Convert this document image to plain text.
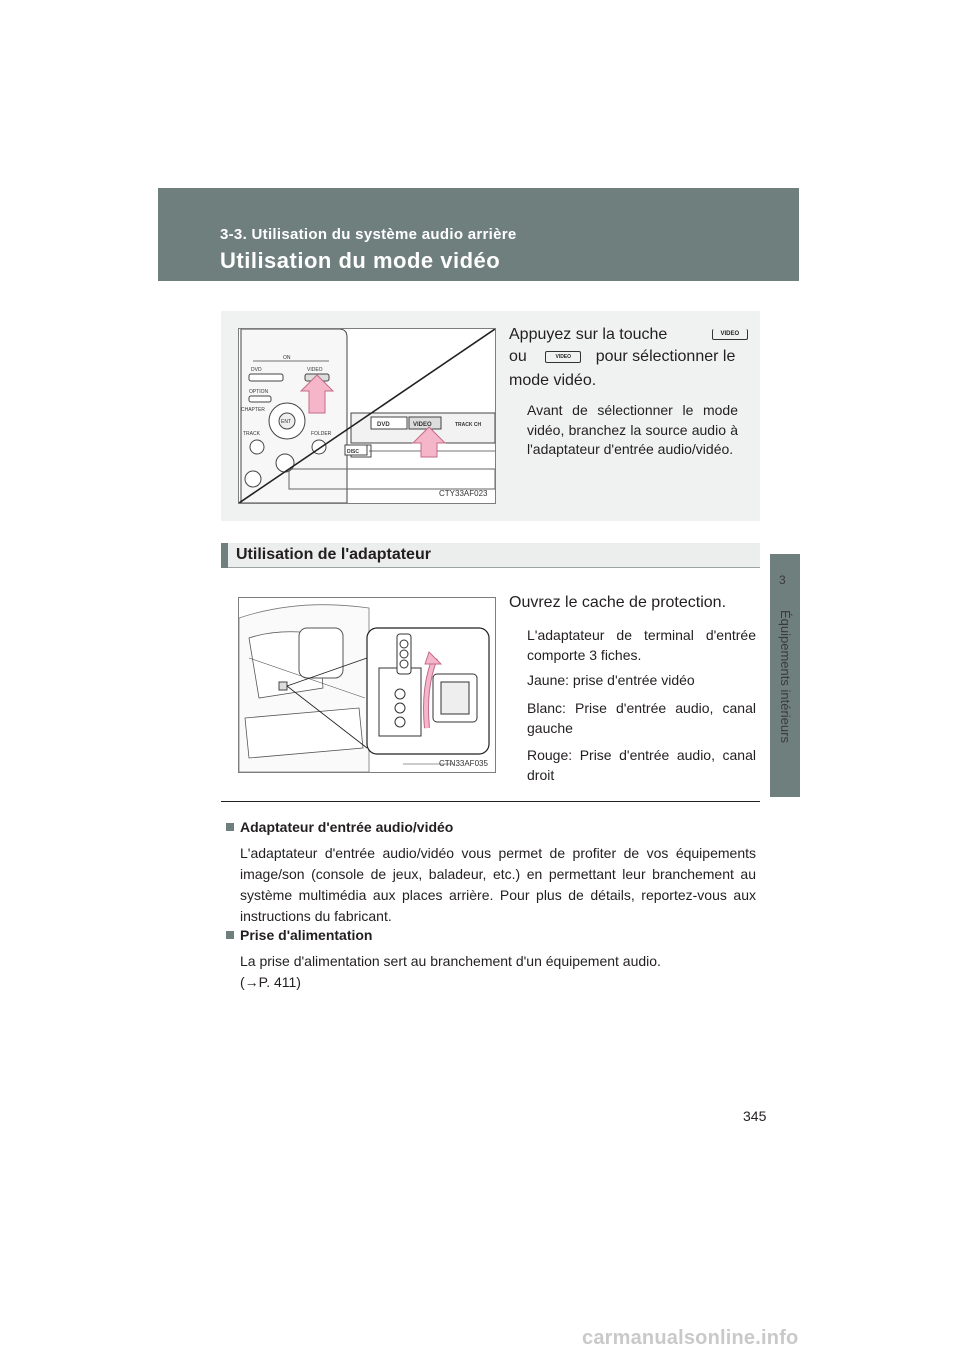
3-3. Utilisation du système audio arrière
Utilisation du mode vidéo
3
Équipements intérieurs
ON
DVD	VIDEO
OPTION
CHAPTER
ENT
TRACK	FOLDER
DVD	VIDEO	TRACK CH
DISC
CTY33AF023
Appuyez sur la touche	VIDEO
ou	VIDEO pour sélectionner le
mode vidéo.
Avant de sélectionner le mode vidéo, branchez la source audio à l'adaptateur d'entrée audio/vidéo.
Utilisation de l'adaptateur
CTN33AF035
Ouvrez le cache de protection.
L'adaptateur de terminal d'entrée comporte 3 fiches.
Jaune: prise d'entrée vidéo
Blanc: Prise d'entrée audio, canal gauche
Rouge: Prise d'entrée audio, canal droit
Adaptateur d'entrée audio/vidéo
L'adaptateur d'entrée audio/vidéo vous permet de profiter de vos équipements image/son (console de jeux, baladeur, etc.) en permettant leur branchement au système multimédia aux places arrière. Pour plus de détails, reportez-vous aux instructions du fabricant.
Prise d'alimentation
La prise d'alimentation sert au branchement d'un équipement audio.
(→P. 411)
345
carmanualsonline.info
